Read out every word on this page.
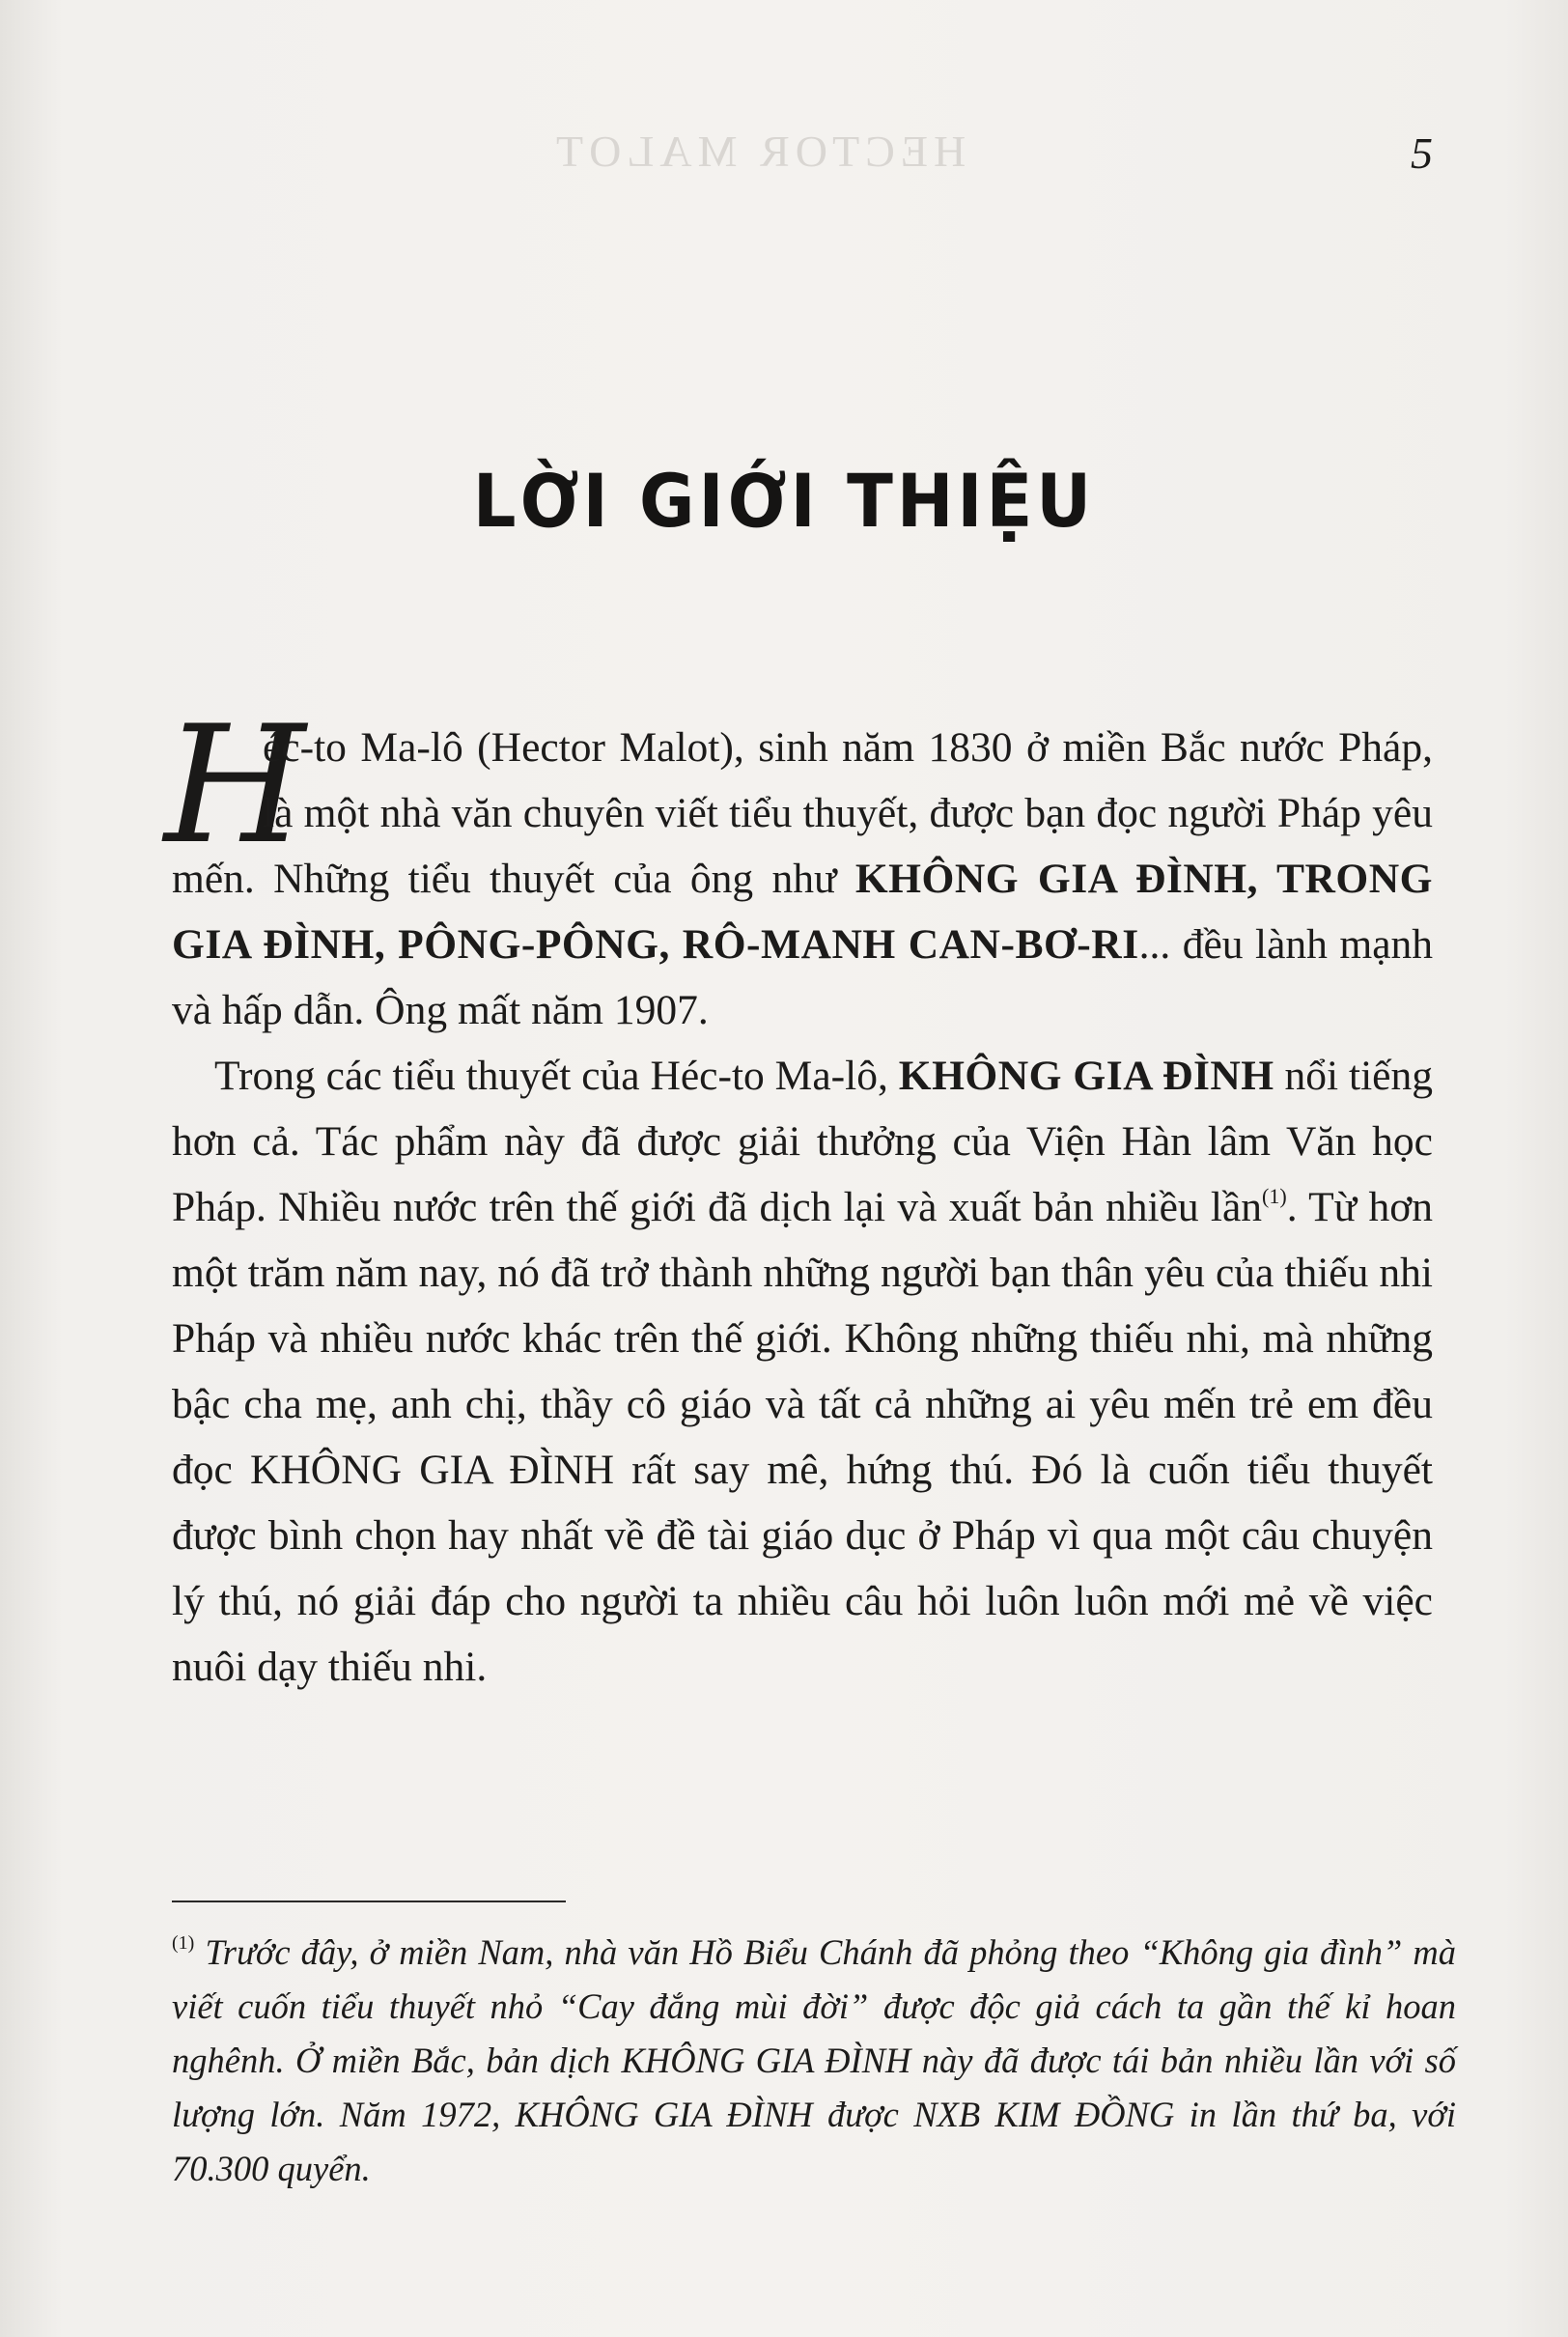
HECTOR MALOT	5
LỜI GIỚI THIỆU

H
éc-to Ma-lô (Hector Malot), sinh năm 1830 ở miền Bắc nước Pháp, là một nhà văn chuyên viết tiểu thuyết, được bạn đọc người Pháp yêu mến. Những tiểu thuyết của ông như KHÔNG GIA ĐÌNH, TRONG GIA ĐÌNH, PÔNG-PÔNG, RÔ-MANH CAN-BƠ-RI... đều lành mạnh và hấp dẫn. Ông mất năm 1907.

Trong các tiểu thuyết của Héc-to Ma-lô, KHÔNG GIA ĐÌNH nổi tiếng hơn cả. Tác phẩm này đã được giải thưởng của Viện Hàn lâm Văn học Pháp. Nhiều nước trên thế giới đã dịch lại và xuất bản nhiều lần$^{(1)}$. Từ hơn một trăm năm nay, nó đã trở thành những người bạn thân yêu của thiếu nhi Pháp và nhiều nước khác trên thế giới. Không những thiếu nhi, mà những bậc cha mẹ, anh chị, thầy cô giáo và tất cả những ai yêu mến trẻ em đều đọc KHÔNG GIA ĐÌNH rất say mê, hứng thú. Đó là cuốn tiểu thuyết được bình chọn hay nhất về đề tài giáo dục ở Pháp vì qua một câu chuyện lý thú, nó giải đáp cho người ta nhiều câu hỏi luôn luôn mới mẻ về việc nuôi dạy thiếu nhi.

$^{(1)}$ Trước đây, ở miền Nam, nhà văn Hồ Biểu Chánh đã phỏng theo “Không gia đình” mà viết cuốn tiểu thuyết nhỏ “Cay đắng mùi đời” được độc giả cách ta gần thế kỉ hoan nghênh. Ở miền Bắc, bản dịch KHÔNG GIA ĐÌNH này đã được tái bản nhiều lần với số lượng lớn. Năm 1972, KHÔNG GIA ĐÌNH được NXB KIM ĐỒNG in lần thứ ba, với 70.300 quyển.
